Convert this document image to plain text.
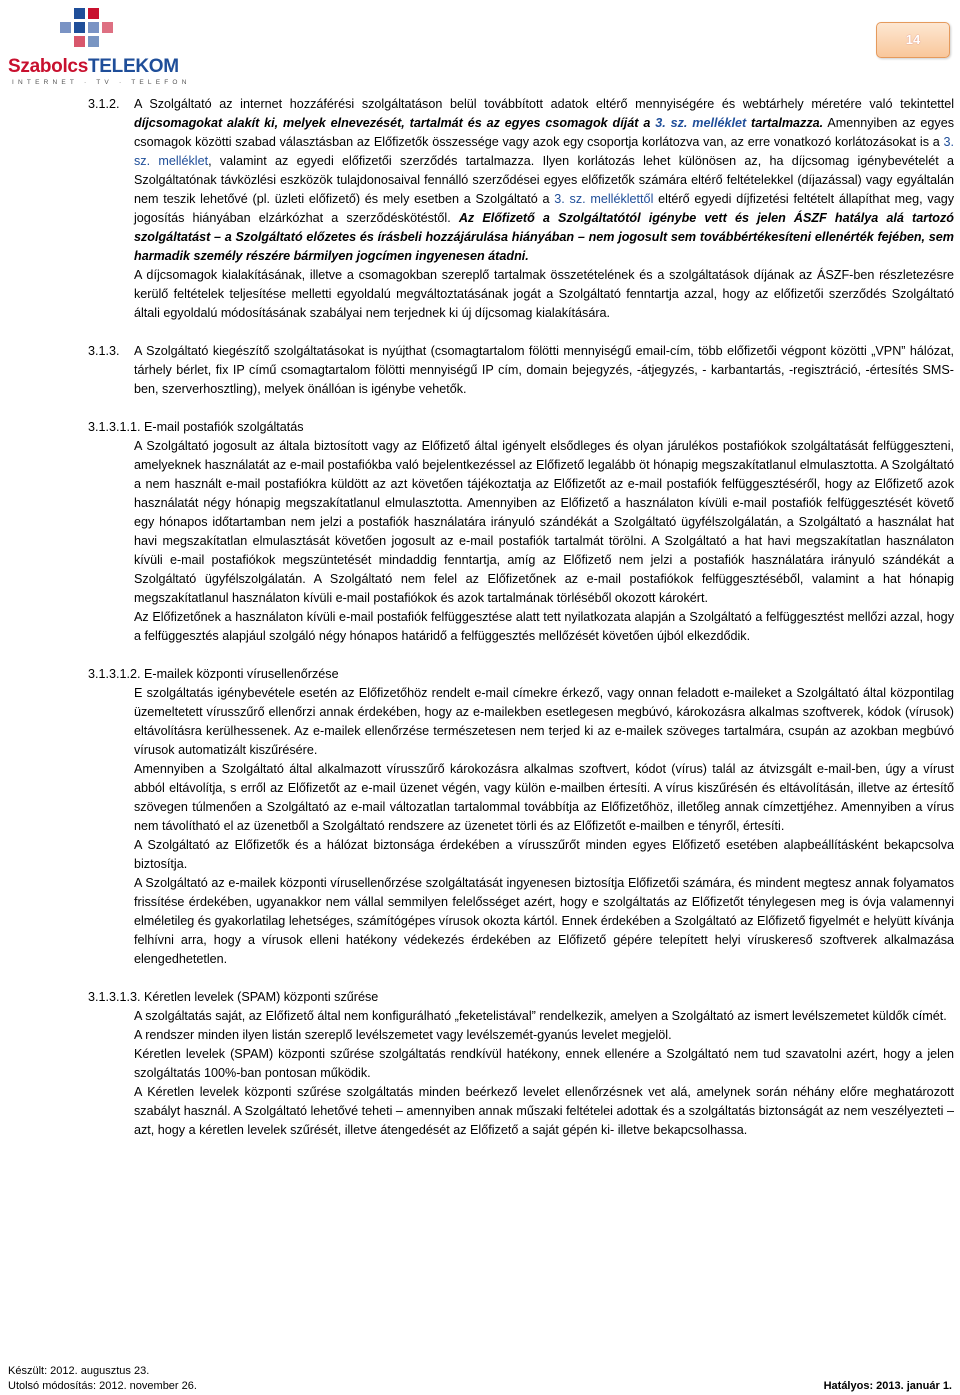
SzabolcsTELEKOM
INTERNET · TV · TELEFON
14
3.1.2. A Szolgáltató az internet hozzáférési szolgáltatáson belül továbbított adatok eltérő mennyiségére és webtárhely méretére való tekintettel díjcsomagokat alakít ki, melyek elnevezését, tartalmát és az egyes csomagok díját a 3. sz. melléklet tartalmazza. Amennyiben az egyes csomagok közötti szabad választásban az Előfizetők összessége vagy azok egy csoportja korlátozva van, az erre vonatkozó korlátozásokat is a 3. sz. melléklet, valamint az egyedi előfizetői szerződés tartalmazza. Ilyen korlátozás lehet különösen az, ha díjcsomag igénybevételét a Szolgáltatónak távközlési eszközök tulajdonosaival fennálló szerződései egyes előfizetők számára eltérő feltételekkel (díjazással) vagy egyáltalán nem teszik lehetővé (pl. üzleti előfizető) és mely esetben a Szolgáltató a 3. sz. melléklettől eltérő egyedi díjfizetési feltételt állapíthat meg, vagy jogosítás hiányában elzárkózhat a szerződéskötéstől. Az Előfizető a Szolgáltatótól igénybe vett és jelen ÁSZF hatálya alá tartozó szolgáltatást – a Szolgáltató előzetes és írásbeli hozzájárulása hiányában – nem jogosult sem továbbértékesíteni ellenérték fejében, sem harmadik személy részére bármilyen jogcímen ingyenesen átadni.

A díjcsomagok kialakításának, illetve a csomagokban szereplő tartalmak összetételének és a szolgáltatások díjának az ÁSZF-ben részletezésre kerülő feltételek teljesítése melletti egyoldalú megváltoztatásának jogát a Szolgáltató fenntartja azzal, hogy az előfizetői szerződés Szolgáltató általi egyoldalú módosításának szabályai nem terjednek ki új díjcsomag kialakítására.

3.1.3. A Szolgáltató kiegészítő szolgáltatásokat is nyújthat (csomagtartalom fölötti mennyiségű email-cím, több előfizetői végpont közötti „VPN” hálózat, tárhely bérlet, fix IP című csomagtartalom fölötti mennyiségű IP cím, domain bejegyzés, -átjegyzés, - karbantartás, -regisztráció, -értesítés SMS-ben, szerverhosztling), melyek önállóan is igénybe vehetők.

3.1.3.1.1. E-mail postafiók szolgáltatás

A Szolgáltató jogosult az általa biztosított vagy az Előfizető által igényelt elsődleges és olyan járulékos postafiókok szolgáltatását felfüggeszteni, amelyeknek használatát az e-mail postafiókba való bejelentkezéssel az Előfizető legalább öt hónapig megszakítatlanul elmulasztotta. A Szolgáltató a nem használt e-mail postafiókra küldött az azt követően tájékoztatja az Előfizetőt az e-mail postafiók felfüggesztéséről, hogy az Előfizető azok használatát négy hónapig megszakítatlanul elmulasztotta. Amennyiben az Előfizető a használaton kívüli e-mail postafiók felfüggesztését követő egy hónapos időtartamban nem jelzi a postafiók használatára irányuló szándékát a Szolgáltató ügyfélszolgálatán, a Szolgáltató a használat hat havi megszakítatlan elmulasztását követően jogosult az e-mail postafiók tartalmát törölni. A Szolgáltató a hat havi megszakítatlan használaton kívüli e-mail postafiókok megszüntetését mindaddig fenntartja, amíg az Előfizető nem jelzi a postafiók használatára irányuló szándékát a Szolgáltató ügyfélszolgálatán. A Szolgáltató nem felel az Előfizetőnek az e-mail postafiókok felfüggesztéséből, valamint a hat hónapig megszakítatlanul használaton kívüli e-mail postafiókok és azok tartalmának törléséből okozott károkért.

Az Előfizetőnek a használaton kívüli e-mail postafiók felfüggesztése alatt tett nyilatkozata alapján a Szolgáltató a felfüggesztést mellőzi azzal, hogy a felfüggesztés alapjául szolgáló négy hónapos határidő a felfüggesztés mellőzését követően újból elkezdődik.

3.1.3.1.2. E-mailek központi vírusellenőrzése

E szolgáltatás igénybevétele esetén az Előfizetőhöz rendelt e-mail címekre érkező, vagy onnan feladott e-maileket a Szolgáltató által központilag üzemeltetett vírusszűrő ellenőrzi annak érdekében, hogy az e-mailekben esetlegesen megbúvó, károkozásra alkalmas szoftverek, kódok (vírusok) eltávolításra kerülhessenek. Az e-mailek ellenőrzése természetesen nem terjed ki az e-mailek szöveges tartalmára, csupán az azokban megbúvó vírusok automatizált kiszűrésére.

Amennyiben a Szolgáltató által alkalmazott vírusszűrő károkozásra alkalmas szoftvert, kódot (vírus) talál az átvizsgált e-mail-ben, úgy a vírust abból eltávolítja, s erről az Előfizetőt az e-mail üzenet végén, vagy külön e-mailben értesíti. A vírus kiszűrésén és eltávolításán, illetve az értesítő szövegen túlmenően a Szolgáltató az e-mail változatlan tartalommal továbbítja az Előfizetőhöz, illetőleg annak címzettjéhez. Amennyiben a vírus nem távolítható el az üzenetből a Szolgáltató rendszere az üzenetet törli és az Előfizetőt e-mailben e tényről, értesíti.

A Szolgáltató az Előfizetők és a hálózat biztonsága érdekében a vírusszűrőt minden egyes Előfizető esetében alapbeállításként bekapcsolva biztosítja.

A Szolgáltató az e-mailek központi vírusellenőrzése szolgáltatását ingyenesen biztosítja Előfizetői számára, és mindent megtesz annak folyamatos frissítése érdekében, ugyanakkor nem vállal semmilyen felelősséget azért, hogy e szolgáltatás az Előfizetőt ténylegesen meg is óvja valamennyi elméletileg és gyakorlatilag lehetséges, számítógépes vírusok okozta kártól. Ennek érdekében a Szolgáltató az Előfizető figyelmét e helyütt kívánja felhívni arra, hogy a vírusok elleni hatékony védekezés érdekében az Előfizető gépére telepített helyi víruskereső szoftverek alkalmazása elengedhetetlen.

3.1.3.1.3. Kéretlen levelek (SPAM) központi szűrése

A szolgáltatás saját, az Előfizető által nem konfigurálható „feketelistával” rendelkezik, amelyen a Szolgáltató az ismert levélszemetet küldők címét.

A rendszer minden ilyen listán szereplő levélszemetet vagy levélszemét-gyanús levelet megjelöl.

Kéretlen levelek (SPAM) központi szűrése szolgáltatás rendkívül hatékony, ennek ellenére a Szolgáltató nem tud szavatolni azért, hogy a jelen szolgáltatás 100%-ban pontosan működik.

A Kéretlen levelek központi szűrése szolgáltatás minden beérkező levelet ellenőrzésnek vet alá, amelynek során néhány előre meghatározott szabályt használ. A Szolgáltató lehetővé teheti – amennyiben annak műszaki feltételei adottak és a szolgáltatás biztonságát az nem veszélyezteti – azt, hogy a kéretlen levelek szűrését, illetve átengedését az Előfizető a saját gépén ki- illetve bekapcsolhassa.

Készült: 2012. augusztus 23.
Utolsó módosítás: 2012. november 26.	Hatályos: 2013. január 1.
